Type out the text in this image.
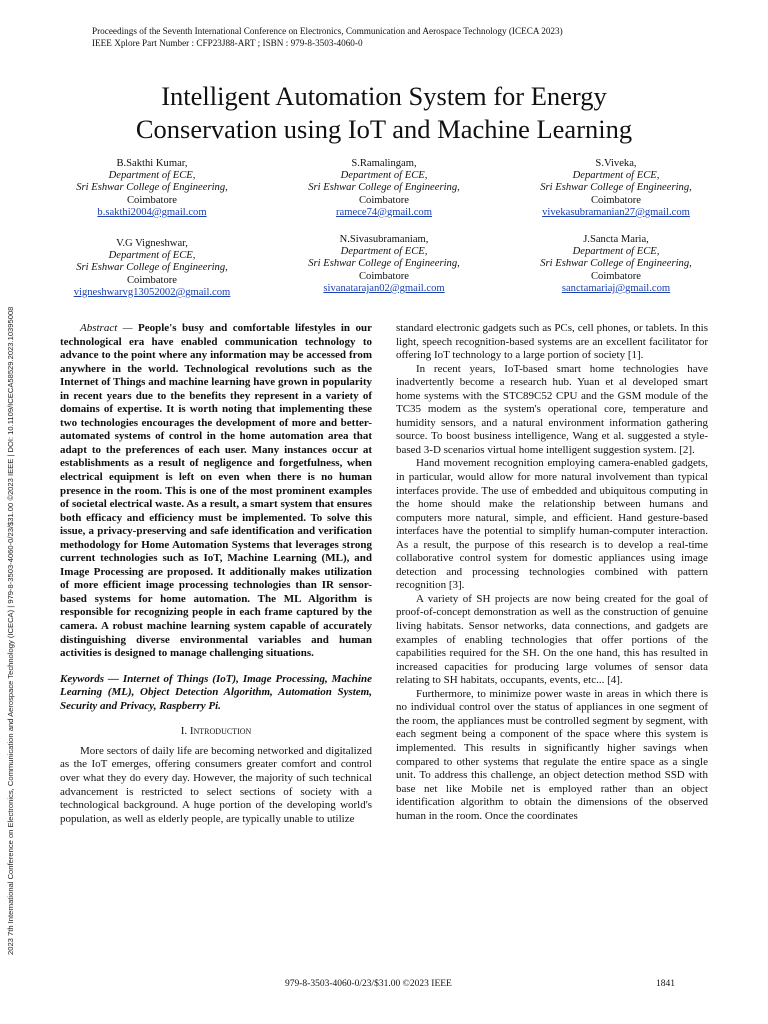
Proceedings of the Seventh International Conference on Electronics, Communication and Aerospace Technology (ICECA 2023)
IEEE Xplore Part Number : CFP23J88-ART ; ISBN : 979-8-3503-4060-0
2023 7th International Conference on Electronics, Communication and Aerospace Technology (ICECA) | 979-8-3503-4060-0/23/$31.00 ©2023 IEEE | DOI: 10.1109/ICECA58529.2023.10395008
Intelligent Automation System for Energy
Conservation using IoT and Machine Learning
B.Sakthi Kumar,
Department of ECE,
Sri Eshwar College of Engineering,
Coimbatore
b.sakthi2004@gmail.com
S.Ramalingam,
Department of ECE,
Sri Eshwar College of Engineering,
Coimbatore
ramece74@gmail.com
S.Viveka,
Department of ECE,
Sri Eshwar College of Engineering,
Coimbatore
vivekasubramanian27@gmail.com
V.G Vigneshwar,
Department of ECE,
Sri Eshwar College of Engineering,
Coimbatore
vigneshwarvg13052002@gmail.com
N.Sivasubramaniam,
Department of ECE,
Sri Eshwar College of Engineering,
Coimbatore
sivanatarajan02@gmail.com
J.Sancta Maria,
Department of ECE,
Sri Eshwar College of Engineering,
Coimbatore
sanctamariaj@gmail.com

Abstract — People's busy and comfortable lifestyles in our technological era have enabled communication technology to advance to the point where any information may be accessed from anywhere in the world. Technological revolutions such as the Internet of Things and machine learning have grown in popularity in recent years due to the benefits they represent in a variety of domains of expertise. It is worth noting that implementing these two technologies encourages the development of more and better-automated systems of control in the home automation area that adapt to the preferences of each user. Many instances occur at establishments as a result of negligence and forgetfulness, when electrical equipment is left on even when there is no human presence in the room. This is one of the most prominent examples of societal electrical waste. As a result, a smart system that ensures both efficacy and efficiency must be implemented. To solve this issue, a privacy-preserving and safe identification and verification methodology for Home Automation Systems that leverages strong current technologies such as IoT, Machine Learning (ML), and Image Processing are proposed. It additionally makes utilization of more efficient image processing technologies than IR sensor-based systems for home automation. The ML Algorithm is responsible for recognizing people in each frame captured by the camera. A robust machine learning system capable of accurately distinguishing diverse environmental variables and human activities is designed to manage challenging situations.

Keywords — Internet of Things (IoT), Image Processing, Machine Learning (ML), Object Detection Algorithm, Automation System, Security and Privacy, Raspberry Pi.

I. Introduction

More sectors of daily life are becoming networked and digitalized as the IoT emerges, offering consumers greater comfort and control over what they do every day. However, the majority of such technical advancement is restricted to select sections of society with a technological background. A huge portion of the developing world's population, as well as elderly people, are typically unable to utilize

standard electronic gadgets such as PCs, cell phones, or tablets. In this light, speech recognition-based systems are an excellent facilitator for offering IoT technology to a large portion of society [1].

In recent years, IoT-based smart home technologies have inadvertently become a research hub. Yuan et al developed smart home systems with the STC89C52 CPU and the GSM module of the TC35 modem as the system's operational core, temperature and humidity sensors, and a natural environment information gathering source. To boost business intelligence, Wang et al. suggested a style-based 3-D scenarios virtual home intelligent suggestion system. [2].

Hand movement recognition employing camera-enabled gadgets, in particular, would allow for more natural involvement than typical interfaces provide. The use of embedded and ubiquitous computing in the home should make the relationship between humans and computers more natural, simple, and efficient. Hand gesture-based interfaces have the potential to simplify human-computer interaction. As a result, the purpose of this research is to develop a real-time collaborative control system for domestic appliances using image detection and processing technologies combined with pattern recognition [3].

A variety of SH projects are now being created for the goal of proof-of-concept demonstration as well as the construction of genuine living habitats. Sensor networks, data connections, and gadgets are examples of enabling technologies that offer portions of the capabilities required for the SH. On the one hand, this has resulted in increased capacities for producing large volumes of sensor data relating to SH habitats, occupants, events, etc... [4].

Furthermore, to minimize power waste in areas in which there is no individual control over the status of appliances in one segment of the room, the appliances must be controlled segment by segment, with each segment being a component of the space where this system is implemented. This results in significantly higher savings when compared to other systems that regulate the entire space as a single unit. To address this challenge, an object detection method SSD with base net like Mobile net is employed rather than an object identification algorithm to obtain the dimensions of the observed human in the room. Once the coordinates

979-8-3503-4060-0/23/$31.00 ©2023 IEEE	1841
